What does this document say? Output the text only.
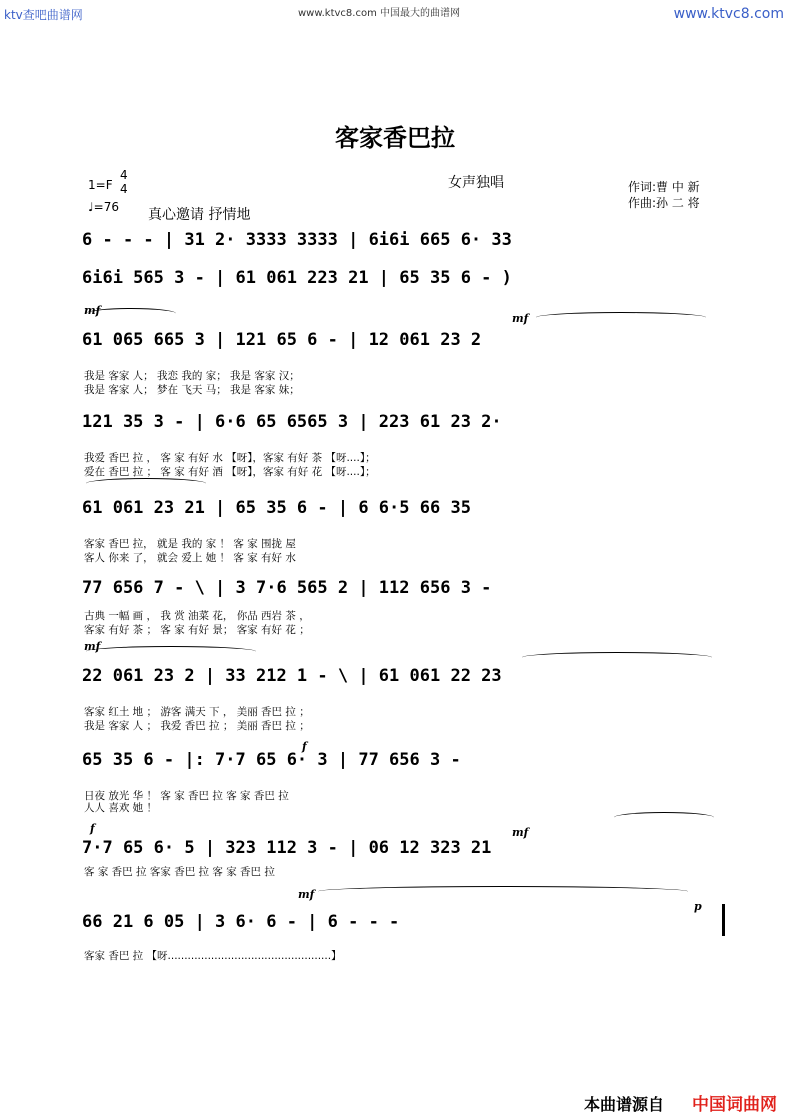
ktv查吧曲谱网	www.ktvc8.com 中国最大的曲谱网	www.ktvc8.com
客家香巴拉
1=F
4
4
♩=76 真心邀请 抒情地
女声独唱	作词:曹 中 新
作曲:孙 二 将
6 - - - | 31 2· 3333 3333 | 6i6i 665 6· 33
6i6i 565 3 - | 61 061 223 21 | 65 35 6 - )
mf
mf
61 065 665 3 | 121 65 6 - | 12 061 23 2
我是 客家 人； 我恋 我的 家； 我是 客家 汉；
我是 客家 人； 梦在 飞天 马； 我是 客家 妹；
121 35 3 - | 6·6 65 6565 3 | 223 61 23 2·
我爱 香巴 拉 ， 客 家 有好 水 【呀】，客家 有好 茶 【呀....】；
爱在 香巴 拉 ； 客 家 有好 酒 【呀】，客家 有好 花 【呀....】；
61 061 23 21 | 65 35 6 - | 6 6·5 66 35
客家 香巴 拉， 就是 我的 家 ！ 客 家 围拢 屋
客人 你来 了， 就会 爱上 她 ！ 客 家 有好 水
77 656 7 - \ | 3 7·6 565 2 | 112 656 3 -
古典 一幅 画 ， 我 赏 油菜 花， 你品 西岩 茶 ，
客家 有好 茶 ； 客 家 有好 景； 客家 有好 花 ；
mf
22 061 23 2 | 33 212 1 - \ | 61 061 22 23
客家 红土 地 ； 游客 满天 下 ， 美丽 香巴 拉 ；
我是 客家 人 ； 我爱 香巴 拉 ； 美丽 香巴 拉 ；
f
65 35 6 - |: 7·7 65 6· 3 | 77 656 3 -
日夜 放光 华 ！ 客 家 香巴 拉 客 家 香巴 拉
人人 喜欢 她 ！
f	mf
7·7 65 6· 5 | 323 112 3 - | 06 12 323 21
客 家 香巴 拉 客家 香巴 拉 客 家 香巴 拉
mf
p
66 21 6 05 | 3 6· 6 - | 6 - - -
客家 香巴 拉 【呀.................................................】
本曲谱源自 中国词曲网
